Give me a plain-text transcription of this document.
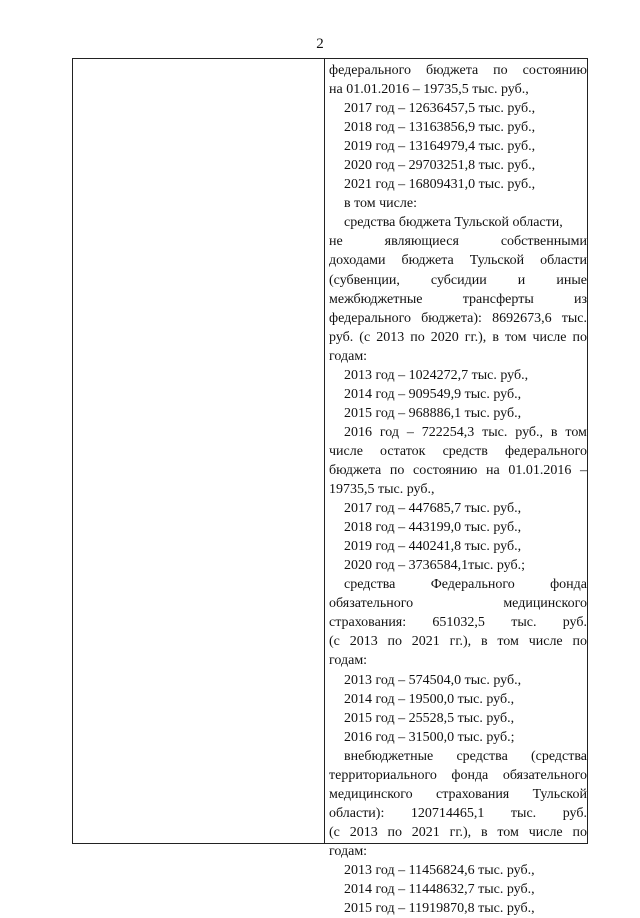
2
федерального бюджета по состоянию
на 01.01.2016 – 19735,5 тыс. руб.,
2017 год – 12636457,5 тыс. руб.,
2018 год – 13163856,9 тыс. руб.,
2019 год – 13164979,4 тыс. руб.,
2020 год – 29703251,8 тыс. руб.,
2021 год – 16809431,0 тыс. руб.,
в том числе:
средства бюджета Тульской области,
не	являющиеся	собственными
доходами бюджета Тульской области
(субвенции, субсидии и иные
межбюджетные	трансферты	из
федерального бюджета): 8692673,6 тыс.
руб. (с 2013 по 2020 гг.), в том числе по
годам:
2013 год – 1024272,7 тыс. руб.,
2014 год – 909549,9 тыс. руб.,
2015 год – 968886,1 тыс. руб.,
2016 год – 722254,3 тыс. руб., в том
числе остаток средств федерального
бюджета по состоянию на 01.01.2016 –
19735,5 тыс. руб.,
2017 год – 447685,7 тыс. руб.,
2018 год – 443199,0 тыс. руб.,
2019 год – 440241,8 тыс. руб.,
2020 год – 3736584,1тыс. руб.;
средства	Федерального	фонда
обязательного	медицинского
страхования: 651032,5 тыс. руб.
(с 2013 по 2021 гг.), в том числе по
годам:
2013 год – 574504,0 тыс. руб.,
2014 год – 19500,0 тыс. руб.,
2015 год – 25528,5 тыс. руб.,
2016 год – 31500,0 тыс. руб.;
внебюджетные средства (средства
территориального фонда обязательного
медицинского страхования Тульской
области): 120714465,1 тыс. руб.
(с 2013 по 2021 гг.), в том числе по
годам:
2013 год – 11456824,6 тыс. руб.,
2014 год – 11448632,7 тыс. руб.,
2015 год – 11919870,8 тыс. руб.,
